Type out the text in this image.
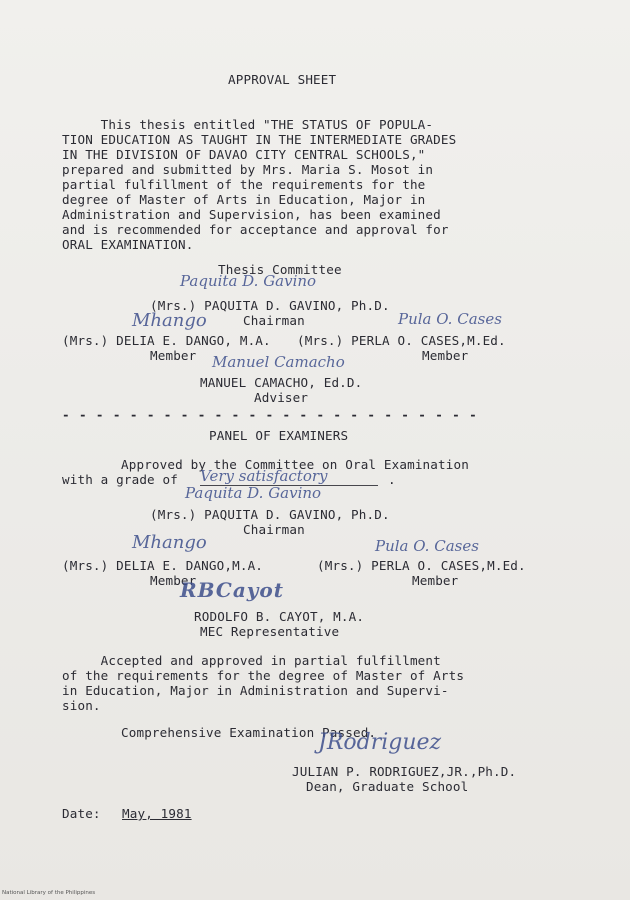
APPROVAL SHEET
This thesis entitled "THE STATUS OF POPULA-
TION EDUCATION AS TAUGHT IN THE INTERMEDIATE GRADES
IN THE DIVISION OF DAVAO CITY CENTRAL SCHOOLS,"
prepared and submitted by Mrs. Maria S. Mosot in
partial fulfillment of the requirements for the
degree of Master of Arts in Education, Major in
Administration and Supervision, has been examined
and is recommended for acceptance and approval for
ORAL EXAMINATION.
Thesis Committee
Paquita D. Gavino
(Mrs.) PAQUITA D. GAVINO, Ph.D.
Chairman
Mhango	Pula O. Cases
(Mrs.) DELIA E. DANGO, M.A. (Mrs.) PERLA O. CASES,M.Ed.
Member	Member
Manuel Camacho
MANUEL CAMACHO, Ed.D.
Adviser
- - - - - - - - - - - - - - - - - - - - - - - - -
PANEL OF EXAMINERS
Approved by the Committee on Oral Examination
with a grade of Very satisfactory	.
Paquita D. Gavino
(Mrs.) PAQUITA D. GAVINO, Ph.D.
Chairman
Mhango	Pula O. Cases
(Mrs.) DELIA E. DANGO,M.A.	(Mrs.) PERLA O. CASES,M.Ed.
Member	Member
RBCayot
RODOLFO B. CAYOT, M.A.
MEC Representative
Accepted and approved in partial fulfillment
of the requirements for the degree of Master of Arts
in Education, Major in Administration and Supervi-
sion.
Comprehensive Examination Passed.
JRodriguez
JULIAN P. RODRIGUEZ,JR.,Ph.D.
Dean, Graduate School
Date: May, 1981
National Library of the Philippines
